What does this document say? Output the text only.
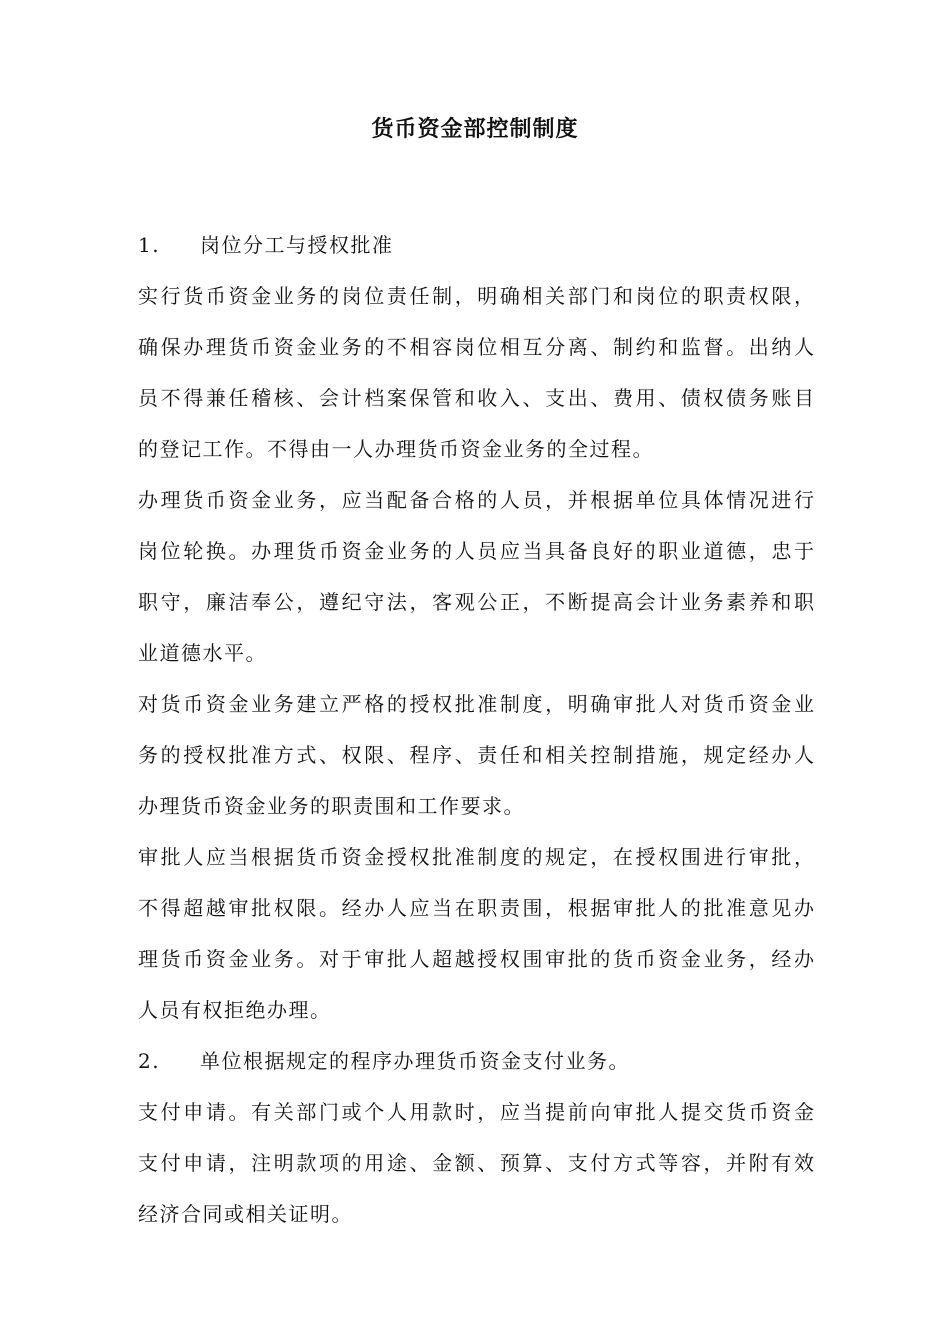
货币资金部控制制度
1. 岗位分工与授权批准
实行货币资金业务的岗位责任制，明确相关部门和岗位的职责权限，
确保办理货币资金业务的不相容岗位相互分离、制约和监督。出纳人
员不得兼任稽核、会计档案保管和收入、支出、费用、债权债务账目
的登记工作。不得由一人办理货币资金业务的全过程。
办理货币资金业务，应当配备合格的人员，并根据单位具体情况进行
岗位轮换。办理货币资金业务的人员应当具备良好的职业道德，忠于
职守，廉洁奉公，遵纪守法，客观公正，不断提高会计业务素养和职
业道德水平。
对货币资金业务建立严格的授权批准制度，明确审批人对货币资金业
务的授权批准方式、权限、程序、责任和相关控制措施，规定经办人
办理货币资金业务的职责围和工作要求。
审批人应当根据货币资金授权批准制度的规定，在授权围进行审批，
不得超越审批权限。经办人应当在职责围，根据审批人的批准意见办
理货币资金业务。对于审批人超越授权围审批的货币资金业务，经办
人员有权拒绝办理。
2. 单位根据规定的程序办理货币资金支付业务。
支付申请。有关部门或个人用款时，应当提前向审批人提交货币资金
支付申请，注明款项的用途、金额、预算、支付方式等容，并附有效
经济合同或相关证明。
